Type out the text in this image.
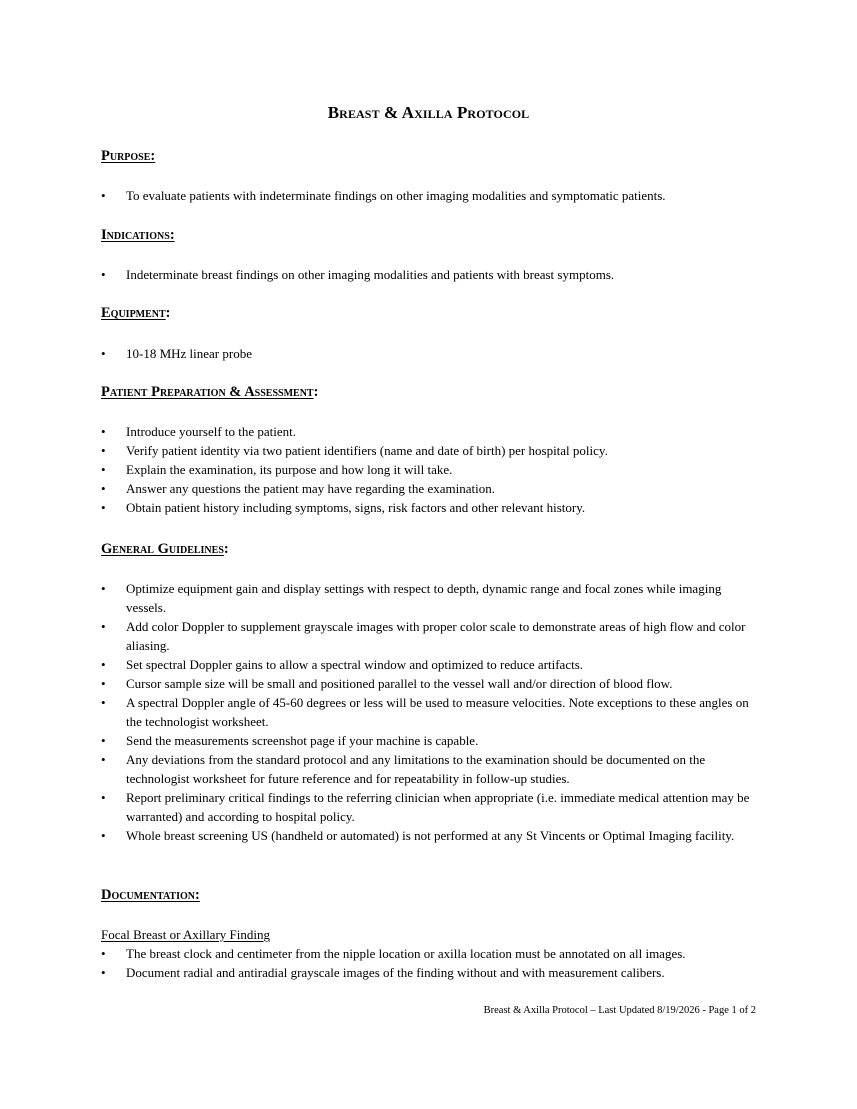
Breast & Axilla Protocol
Purpose:
• To evaluate patients with indeterminate findings on other imaging modalities and symptomatic patients.
Indications:
• Indeterminate breast findings on other imaging modalities and patients with breast symptoms.
Equipment:
• 10-18 MHz linear probe
Patient Preparation & Assessment:
• Introduce yourself to the patient.
• Verify patient identity via two patient identifiers (name and date of birth) per hospital policy.
• Explain the examination, its purpose and how long it will take.
• Answer any questions the patient may have regarding the examination.
• Obtain patient history including symptoms, signs, risk factors and other relevant history.
General Guidelines:
• Optimize equipment gain and display settings with respect to depth, dynamic range and focal zones while imaging vessels.
• Add color Doppler to supplement grayscale images with proper color scale to demonstrate areas of high flow and color aliasing.
• Set spectral Doppler gains to allow a spectral window and optimized to reduce artifacts.
• Cursor sample size will be small and positioned parallel to the vessel wall and/or direction of blood flow.
• A spectral Doppler angle of 45-60 degrees or less will be used to measure velocities. Note exceptions to these angles on the technologist worksheet.
• Send the measurements screenshot page if your machine is capable.
• Any deviations from the standard protocol and any limitations to the examination should be documented on the technologist worksheet for future reference and for repeatability in follow-up studies.
• Report preliminary critical findings to the referring clinician when appropriate (i.e. immediate medical attention may be warranted) and according to hospital policy.
• Whole breast screening US (handheld or automated) is not performed at any St Vincents or Optimal Imaging facility.
Documentation:
Focal Breast or Axillary Finding
• The breast clock and centimeter from the nipple location or axilla location must be annotated on all images.
• Document radial and antiradial grayscale images of the finding without and with measurement calibers.
Breast & Axilla Protocol – Last Updated 8/19/2026 - Page 1 of 2
